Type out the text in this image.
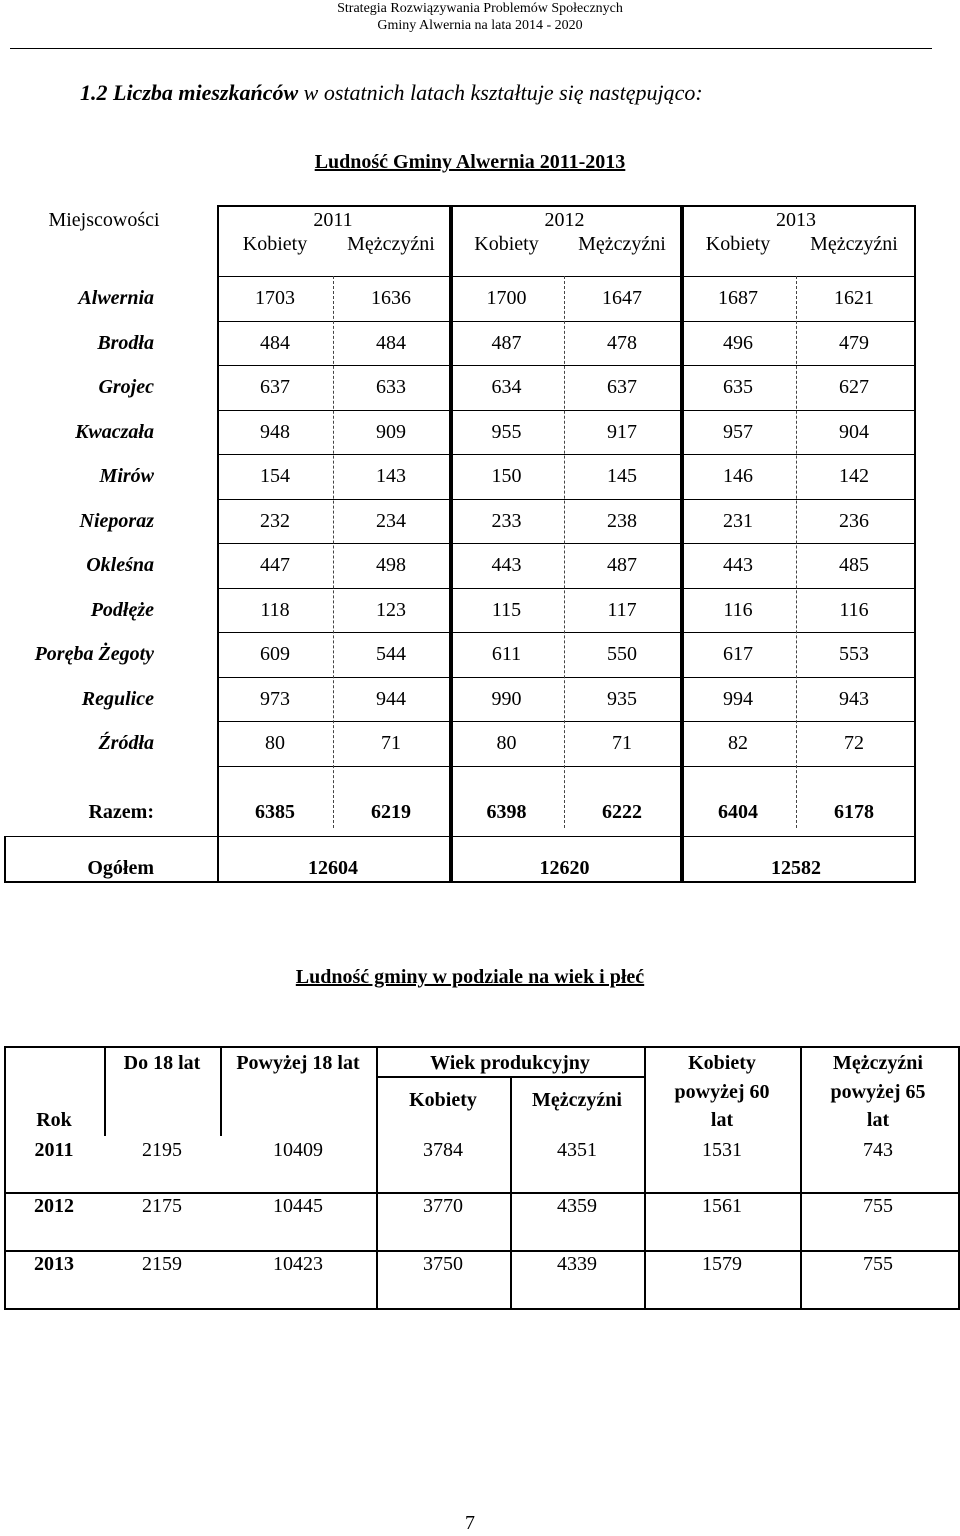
Strategia Rozwiązywania Problemów Społecznych
Gminy Alwernia na lata 2014 - 2020
1.2 Liczba mieszkańców w ostatnich latach kształtuje się następująco:
Ludność Gminy Alwernia 2011-2013
Miejscowości	2011
Kobiety	Mężczyźni
2012
Kobiety	Mężczyźni
2013
Kobiety	Mężczyźni
Alwernia	1703	1636	1700	1647	1687	1621
Brodła	484	484	487	478	496	479
Grojec	637	633	634	637	635	627
Kwaczała	948	909	955	917	957	904
Mirów	154	143	150	145	146	142
Nieporaz	232	234	233	238	231	236
Okleśna	447	498	443	487	443	485
Podłęże	118	123	115	117	116	116
Poręba Żegoty	609	544	611	550	617	553
Regulice	973	944	990	935	994	943
Źródła	80	71	80	71	82	72
Razem:	6385	6219	6398	6222	6404	6178
Ogółem	12604	12620	12582
Ludność gminy w podziale na wiek i płeć
Rok
Do 18 lat	Powyżej 18 lat	Wiek produkcyjny
Kobiety	Mężczyźni
Kobiety
powyżej 60
lat
Mężczyźni
powyżej 65
lat
2011	2195	10409	3784	4351	1531	743
2012	2175	10445	3770	4359	1561	755
2013	2159	10423	3750	4339	1579	755
7
